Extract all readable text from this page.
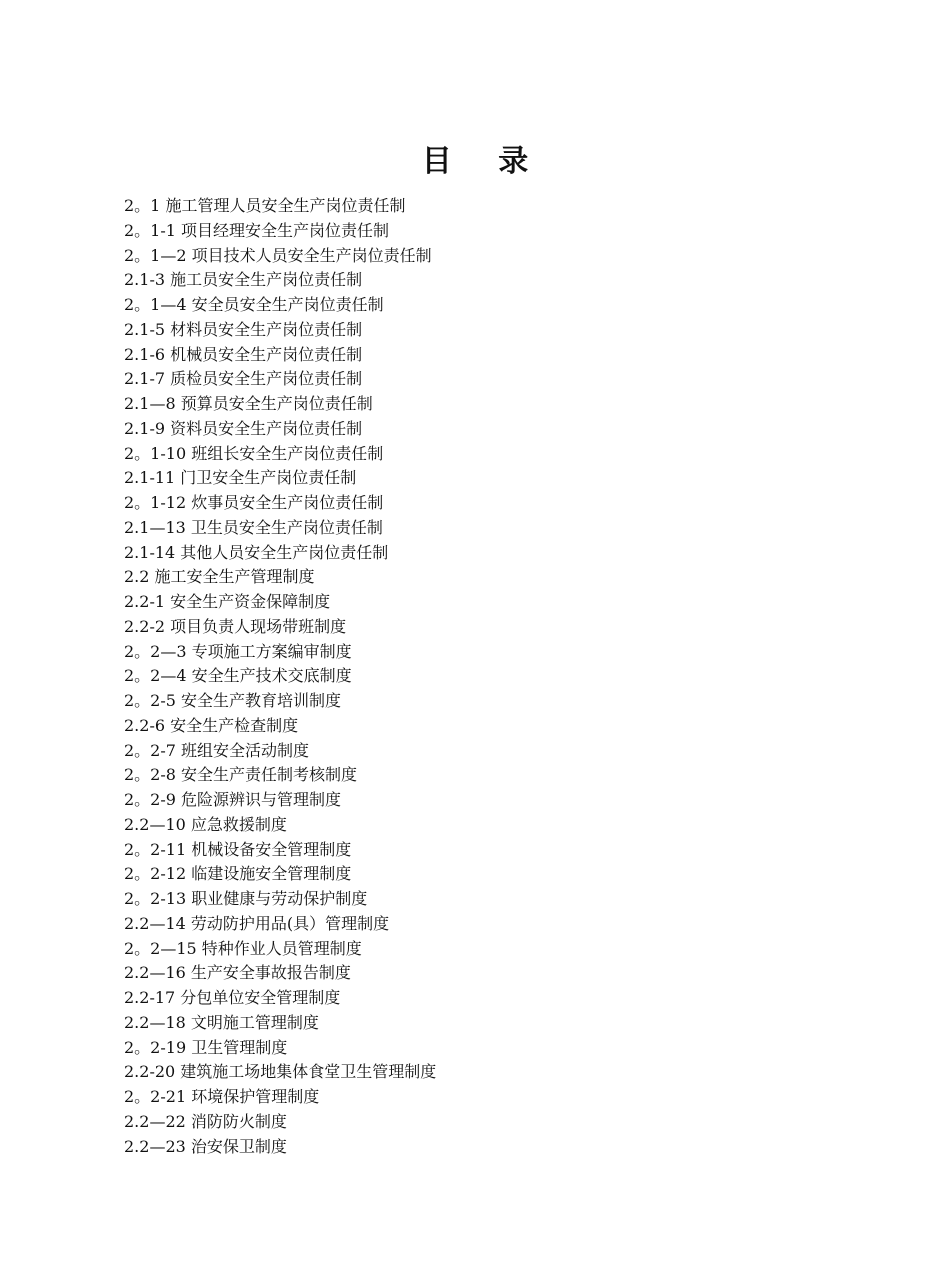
目 录
2。1 施工管理人员安全生产岗位责任制
2。1-1 项目经理安全生产岗位责任制
2。1—2 项目技术人员安全生产岗位责任制
2.1-3 施工员安全生产岗位责任制
2。1—4 安全员安全生产岗位责任制
2.1-5 材料员安全生产岗位责任制
2.1-6 机械员安全生产岗位责任制
2.1-7 质检员安全生产岗位责任制
2.1—8 预算员安全生产岗位责任制
2.1-9 资料员安全生产岗位责任制
2。1-10 班组长安全生产岗位责任制
2.1-11 门卫安全生产岗位责任制
2。1-12 炊事员安全生产岗位责任制
2.1—13 卫生员安全生产岗位责任制
2.1-14 其他人员安全生产岗位责任制
2.2 施工安全生产管理制度
2.2-1 安全生产资金保障制度
2.2-2 项目负责人现场带班制度
2。2—3 专项施工方案编审制度
2。2—4 安全生产技术交底制度
2。2-5 安全生产教育培训制度
2.2-6 安全生产检查制度
2。2-7 班组安全活动制度
2。2-8 安全生产责任制考核制度
2。2-9 危险源辨识与管理制度
2.2—10 应急救援制度
2。2-11 机械设备安全管理制度
2。2-12 临建设施安全管理制度
2。2-13 职业健康与劳动保护制度
2.2—14 劳动防护用品(具）管理制度
2。2—15 特种作业人员管理制度
2.2—16 生产安全事故报告制度
2.2-17 分包单位安全管理制度
2.2—18 文明施工管理制度
2。2-19 卫生管理制度
2.2-20 建筑施工场地集体食堂卫生管理制度
2。2-21 环境保护管理制度
2.2—22 消防防火制度
2.2—23 治安保卫制度
